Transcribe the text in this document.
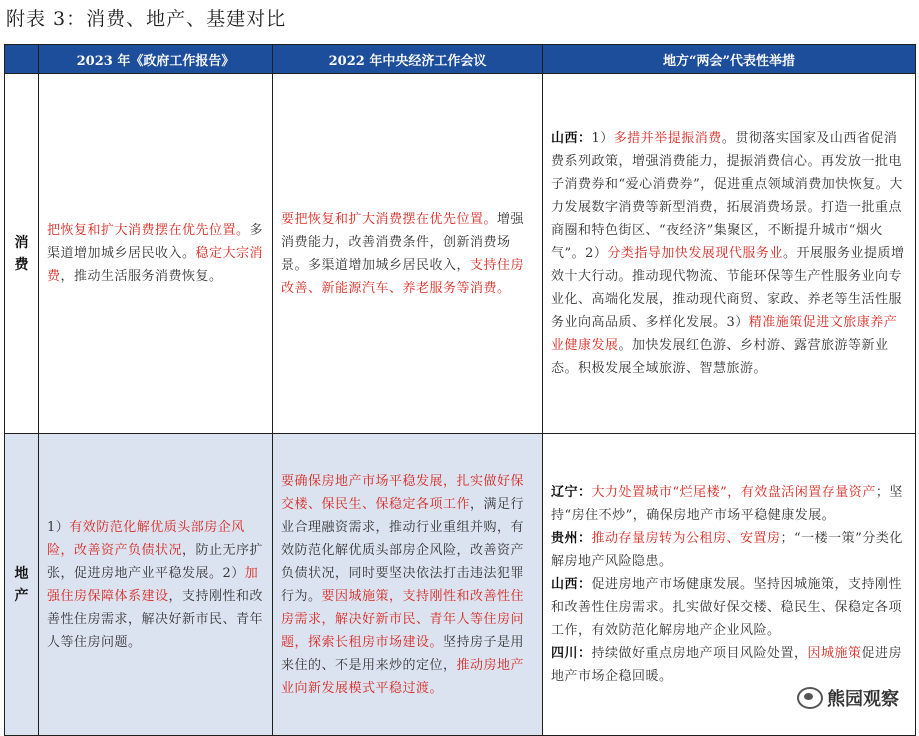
附表 3：消费、地产、基建对比
	2023 年《政府工作报告》	2022 年中央经济工作会议	地方“两会”代表性举措
消费	把恢复和扩大消费摆在优先位置。多渠道增加城乡居民收入。稳定大宗消费，推动生活服务消费恢复。	要把恢复和扩大消费摆在优先位置。增强消费能力，改善消费条件，创新消费场景。多渠道增加城乡居民收入，支持住房改善、新能源汽车、养老服务等消费。	山西：1）多措并举提振消费。贯彻落实国家及山西省促消费系列政策，增强消费能力，提振消费信心。再发放一批电子消费券和“爱心消费券”，促进重点领域消费加快恢复。大力发展数字消费等新型消费，拓展消费场景。打造一批重点商圈和特色街区、“夜经济”集聚区，不断提升城市“烟火气”。2）分类指导加快发展现代服务业。开展服务业提质增效十大行动。推动现代物流、节能环保等生产性服务业向专业化、高端化发展，推动现代商贸、家政、养老等生活性服务业向高品质、多样化发展。3）精准施策促进文旅康养产业健康发展。加快发展红色游、乡村游、露营旅游等新业态。积极发展全域旅游、智慧旅游。

地产	1）有效防范化解优质头部房企风险，改善资产负债状况，防止无序扩张，促进房地产业平稳发展。2）加强住房保障体系建设，支持刚性和改善性住房需求，解决好新市民、青年人等住房问题。	要确保房地产市场平稳发展，扎实做好保交楼、保民生、保稳定各项工作，满足行业合理融资需求，推动行业重组并购，有效防范化解优质头部房企风险，改善资产负债状况，同时要坚决依法打击违法犯罪行为。要因城施策，支持刚性和改善性住房需求，解决好新市民、青年人等住房问题，探索长租房市场建设。坚持房子是用来住的、不是用来炒的定位，推动房地产业向新发展模式平稳过渡。	辽宁：大力处置城市“烂尾楼”，有效盘活闲置存量资产；坚持“房住不炒”，确保房地产市场平稳健康发展。
贵州：推动存量房转为公租房、安置房；“一楼一策”分类化解房地产风险隐患。
山西：促进房地产市场健康发展。坚持因城施策，支持刚性和改善性住房需求。扎实做好保交楼、稳民生、保稳定各项工作，有效防范化解房地产企业风险。
四川：持续做好重点房地产项目风险处置，因城施策促进房地产市场企稳回暖。
熊园观察
